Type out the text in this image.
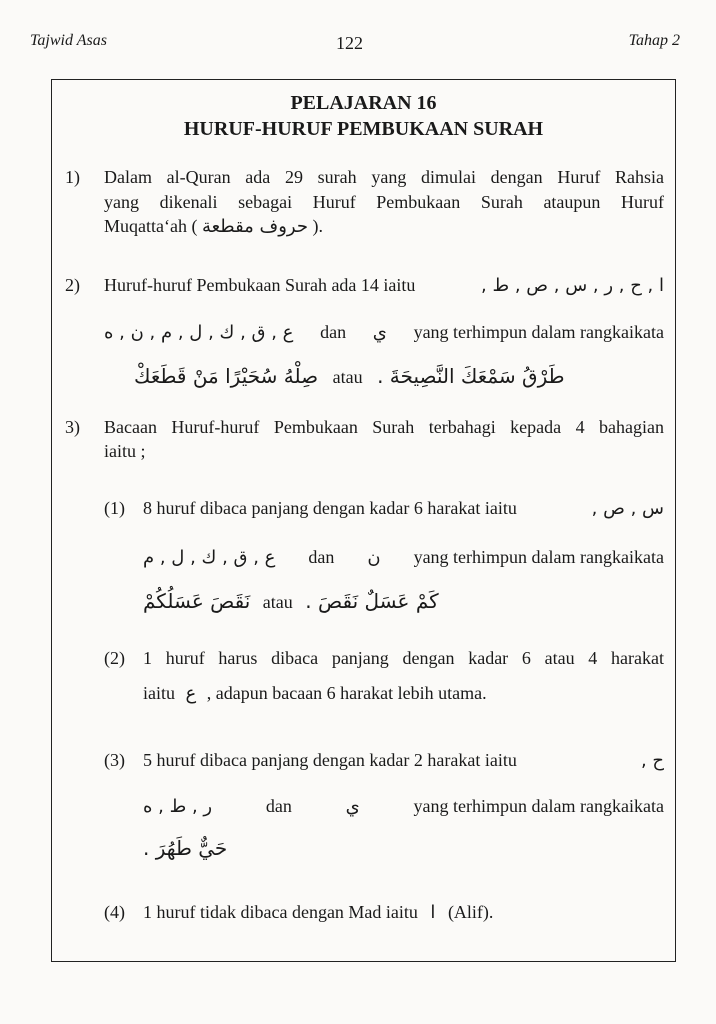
Tajwid Asas	122	Tahap 2
PELAJARAN 16
HURUF-HURUF PEMBUKAAN SURAH
1) Dalam al-Quran ada 29 surah yang dimulai dengan Huruf Rahsia
yang dikenali sebagai Huruf Pembukaan Surah ataupun Huruf
Muqatta‘ah ( حروف مقطعة ).
2) Huruf-huruf Pembukaan Surah ada 14 iaitu	ا , ح , ر , س , ص , ط ,
ع , ق , ك , ل , م , ن , ه dan ي yang terhimpun dalam rangkaikata
صِلْهُ سُحَيْرًا مَنْ قَطَعَكْ atau طَرْقُ سَمْعَكَ النَّصِيحَةَ .
3) Bacaan Huruf-huruf Pembukaan Surah terbahagi kepada 4 bahagian
iaitu ;
(1) 8 huruf dibaca panjang dengan kadar 6 harakat iaitu	س , ص ,
ع , ق , ك , ل , م dan ن yang terhimpun dalam rangkaikata
نَقَصَ عَسَلُكُمْ atau كَمْ عَسَلٌ نَقَصَ .
(2) 1 huruf harus dibaca panjang dengan kadar 6 atau 4 harakat
iaitu ع , adapun bacaan 6 harakat lebih utama.
(3) 5 huruf dibaca panjang dengan kadar 2 harakat iaitu	ح ,
ر , ط , ه	dan	ي	yang terhimpun dalam rangkaikata
حَيٌّ طَهُرَ .
(4) 1 huruf tidak dibaca dengan Mad iaitu ا (Alif).
